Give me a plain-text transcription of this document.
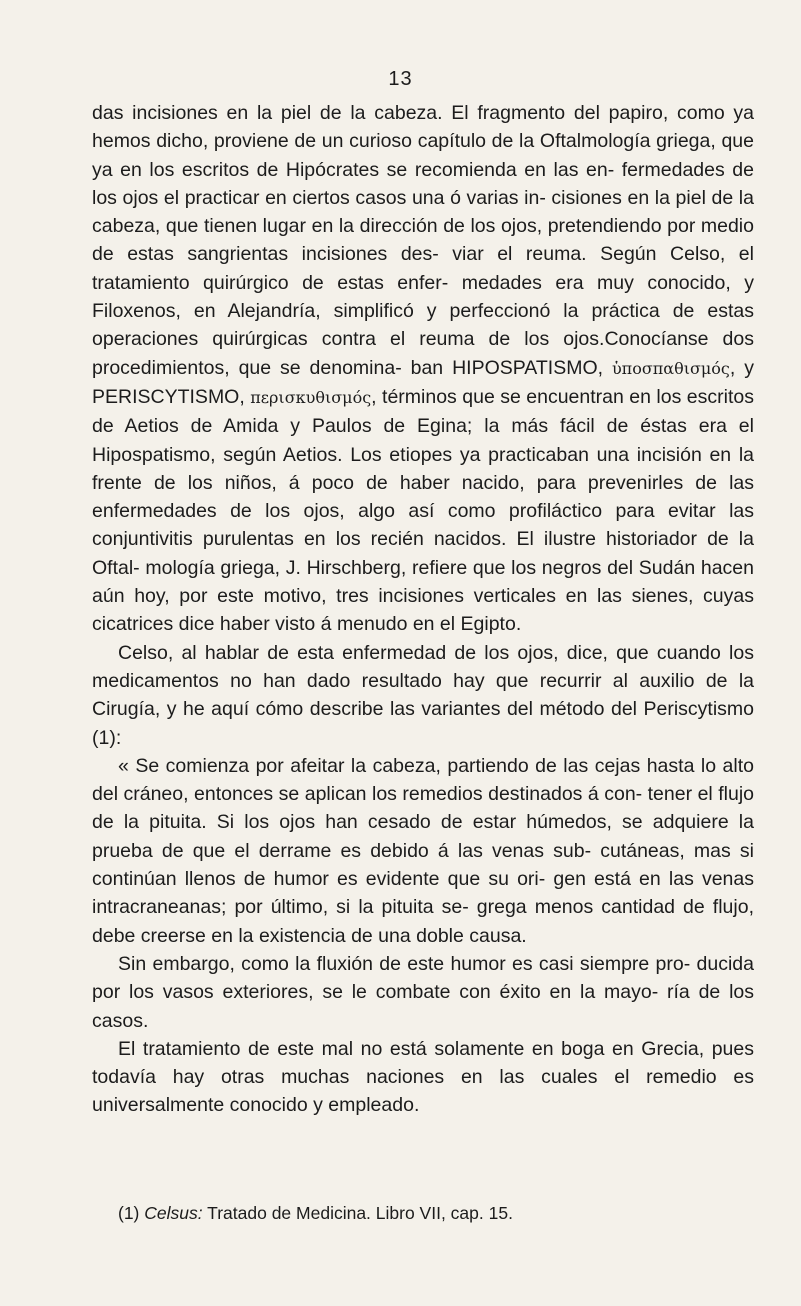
13

das incisiones en la piel de la cabeza. El fragmento del papiro, como ya hemos dicho, proviene de un curioso capítulo de la Oftalmología griega, que ya en los escritos de Hipócrates se recomienda en las en- fermedades de los ojos el practicar en ciertos casos una ó varias in- cisiones en la piel de la cabeza, que tienen lugar en la dirección de los ojos, pretendiendo por medio de estas sangrientas incisiones des- viar el reuma. Según Celso, el tratamiento quirúrgico de estas enfer- medades era muy conocido, y Filoxenos, en Alejandría, simplificó y perfeccionó la práctica de estas operaciones quirúrgicas contra el reuma de los ojos.Conocíanse dos procedimientos, que se denomina- ban HIPOSPATISMO, ὑποσπαθισμός, y PERISCYTISMO, περισκυθισμός, términos que se encuentran en los escritos de Aetios de Amida y Paulos de Egina; la más fácil de éstas era el Hipospatismo, según Aetios. Los etiopes ya practicaban una incisión en la frente de los niños, á poco de haber nacido, para prevenirles de las enfermedades de los ojos, algo así como profiláctico para evitar las conjuntivitis purulentas en los recién nacidos. El ilustre historiador de la Oftal- mología griega, J. Hirschberg, refiere que los negros del Sudán hacen aún hoy, por este motivo, tres incisiones verticales en las sienes, cuyas cicatrices dice haber visto á menudo en el Egipto.

Celso, al hablar de esta enfermedad de los ojos, dice, que cuando los medicamentos no han dado resultado hay que recurrir al auxilio de la Cirugía, y he aquí cómo describe las variantes del método del Periscytismo (1):

« Se comienza por afeitar la cabeza, partiendo de las cejas hasta lo alto del cráneo, entonces se aplican los remedios destinados á con- tener el flujo de la pituita. Si los ojos han cesado de estar húmedos, se adquiere la prueba de que el derrame es debido á las venas sub- cutáneas, mas si continúan llenos de humor es evidente que su ori- gen está en las venas intracraneanas; por último, si la pituita se- grega menos cantidad de flujo, debe creerse en la existencia de una doble causa.

Sin embargo, como la fluxión de este humor es casi siempre pro- ducida por los vasos exteriores, se le combate con éxito en la mayo- ría de los casos.

El tratamiento de este mal no está solamente en boga en Grecia, pues todavía hay otras muchas naciones en las cuales el remedio es universalmente conocido y empleado.

(1) Celsus: Tratado de Medicina. Libro VII, cap. 15.
